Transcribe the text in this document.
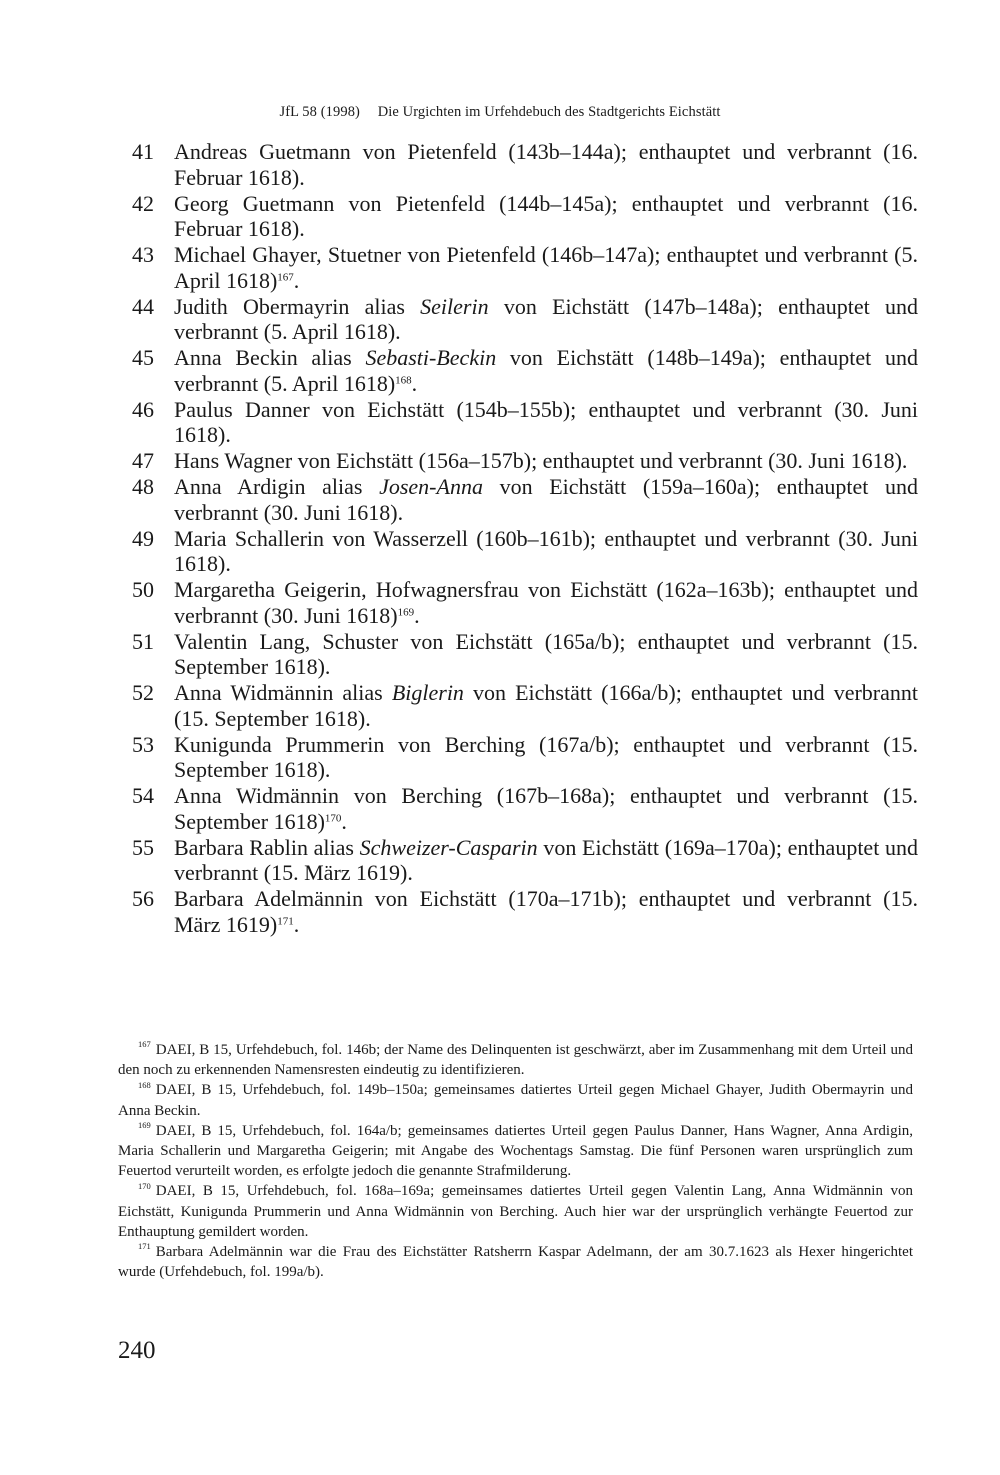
JfL 58 (1998) Die Urgichten im Urfehdebuch des Stadtgerichts Eichstätt
41 Andreas Guetmann von Pietenfeld (143b–144a); enthauptet und verbrannt (16. Februar 1618).
42 Georg Guetmann von Pietenfeld (144b–145a); enthauptet und verbrannt (16. Februar 1618).
43 Michael Ghayer, Stuetner von Pietenfeld (146b–147a); enthauptet und verbrannt (5. April 1618)$^{167}$.
44 Judith Obermayrin alias Seilerin von Eichstätt (147b–148a); enthauptet und verbrannt (5. April 1618).
45 Anna Beckin alias Sebasti-Beckin von Eichstätt (148b–149a); enthauptet und verbrannt (5. April 1618)$^{168}$.
46 Paulus Danner von Eichstätt (154b–155b); enthauptet und verbrannt (30. Juni 1618).
47 Hans Wagner von Eichstätt (156a–157b); enthauptet und verbrannt (30. Juni 1618).
48 Anna Ardigin alias Josen-Anna von Eichstätt (159a–160a); enthauptet und verbrannt (30. Juni 1618).
49 Maria Schallerin von Wasserzell (160b–161b); enthauptet und verbrannt (30. Juni 1618).
50 Margaretha Geigerin, Hofwagnersfrau von Eichstätt (162a–163b); enthauptet und verbrannt (30. Juni 1618)$^{169}$.
51 Valentin Lang, Schuster von Eichstätt (165a/b); enthauptet und verbrannt (15. September 1618).
52 Anna Widmännin alias Biglerin von Eichstätt (166a/b); enthauptet und verbrannt (15. September 1618).
53 Kunigunda Prummerin von Berching (167a/b); enthauptet und verbrannt (15. September 1618).
54 Anna Widmännin von Berching (167b–168a); enthauptet und verbrannt (15. September 1618)$^{170}$.
55 Barbara Rablin alias Schweizer-Casparin von Eichstätt (169a–170a); enthauptet und verbrannt (15. März 1619).
56 Barbara Adelmännin von Eichstätt (170a–171b); enthauptet und verbrannt (15. März 1619)$^{171}$.
$^{167}$ DAEI, B 15, Urfehdebuch, fol. 146b; der Name des Delinquenten ist geschwärzt, aber im Zusammenhang mit dem Urteil und den noch zu erkennenden Namensresten eindeutig zu identifizieren.
$^{168}$ DAEI, B 15, Urfehdebuch, fol. 149b–150a; gemeinsames datiertes Urteil gegen Michael Ghayer, Judith Obermayrin und Anna Beckin.
$^{169}$ DAEI, B 15, Urfehdebuch, fol. 164a/b; gemeinsames datiertes Urteil gegen Paulus Danner, Hans Wagner, Anna Ardigin, Maria Schallerin und Margaretha Geigerin; mit Angabe des Wochentags Samstag. Die fünf Personen waren ursprünglich zum Feuertod verurteilt worden, es erfolgte jedoch die genannte Strafmilderung.
$^{170}$ DAEI, B 15, Urfehdebuch, fol. 168a–169a; gemeinsames datiertes Urteil gegen Valentin Lang, Anna Widmännin von Eichstätt, Kunigunda Prummerin und Anna Widmännin von Berching. Auch hier war der ursprünglich verhängte Feuertod zur Enthauptung gemildert worden.
$^{171}$ Barbara Adelmännin war die Frau des Eichstätter Ratsherrn Kaspar Adelmann, der am 30.7.1623 als Hexer hingerichtet wurde (Urfehdebuch, fol. 199a/b).
240
